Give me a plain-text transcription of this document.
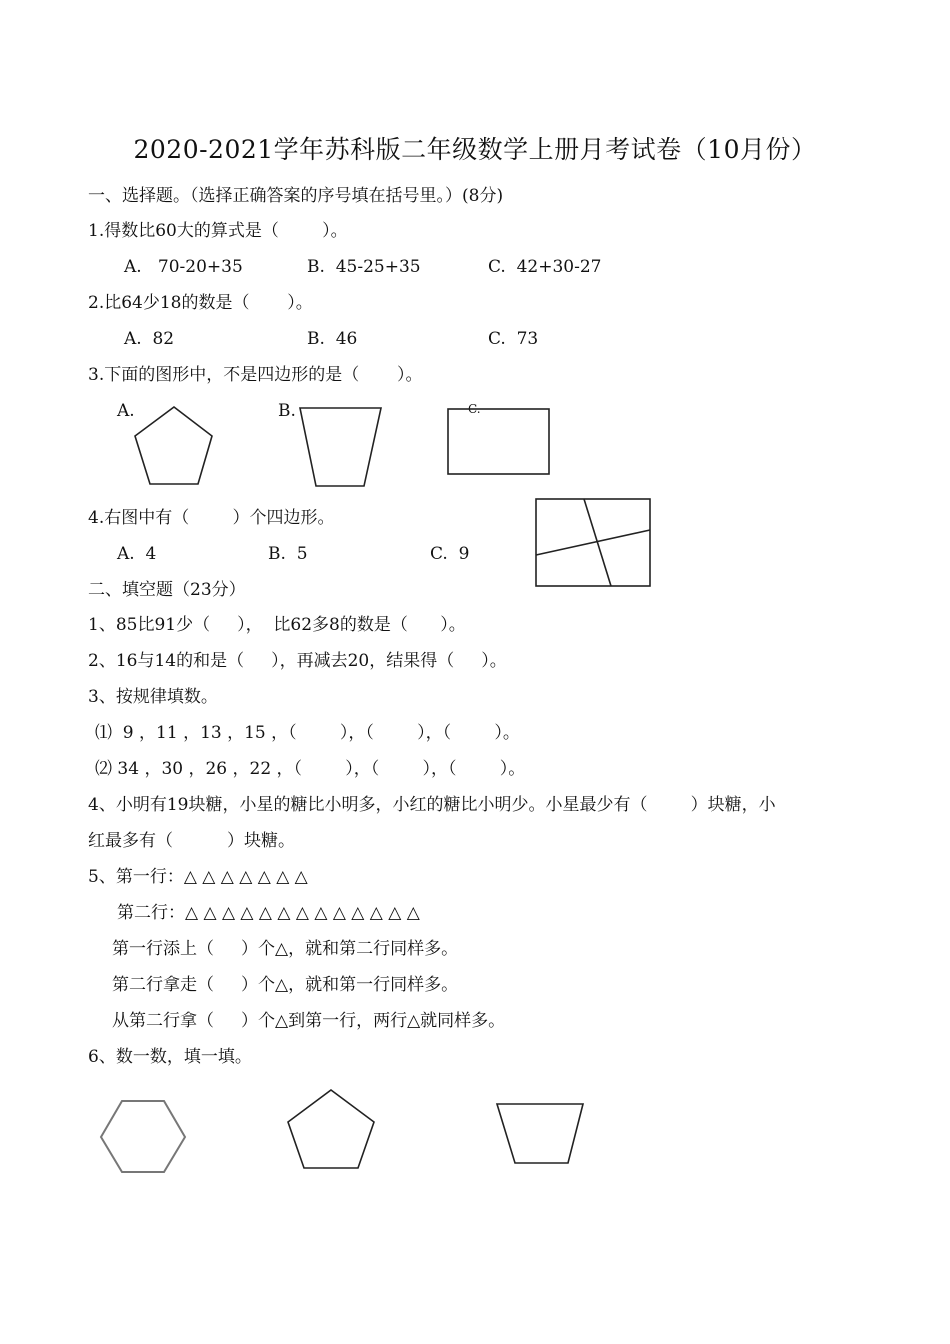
2020-2021学年苏科版二年级数学上册月考试卷（10月份）
一、选择题。（选择正确答案的序号填在括号里。）(8分)
1.得数比60大的算式是（        ）。
A.   70-20+35	B.  45-25+35	C.  42+30-27
2.比64少18的数是（       ）。
A.  82	B.  46	C.  73
3.下面的图形中，不是四边形的是（       ）。
A.	B.	C.
4.右图中有（        ）个四边形。
A.  4	B.  5	C.  9
二、填空题（23分）
1、85比91少（     ），  比62多8的数是（      ）。
2、16与14的和是（     ），再减去20，结果得（     ）。
3、按规律填数。
⑴  9 ，11 ，13 ，15 ，（        ），（        ），（        ）。
⑵ 34 ，30 ，26 ，22 ，（        ），（        ），（        ）。
4、小明有19块糖，小星的糖比小明多，小红的糖比小明少。小星最少有（        ）块糖，小
红最多有（          ）块糖。
5、第一行：△ △ △ △ △ △ △
第二行：△ △ △ △ △ △ △ △ △ △ △ △ △
第一行添上（     ）个△，就和第二行同样多。
第二行拿走（     ）个△，就和第一行同样多。
从第二行拿（     ）个△到第一行，两行△就同样多。
6、数一数，填一填。
